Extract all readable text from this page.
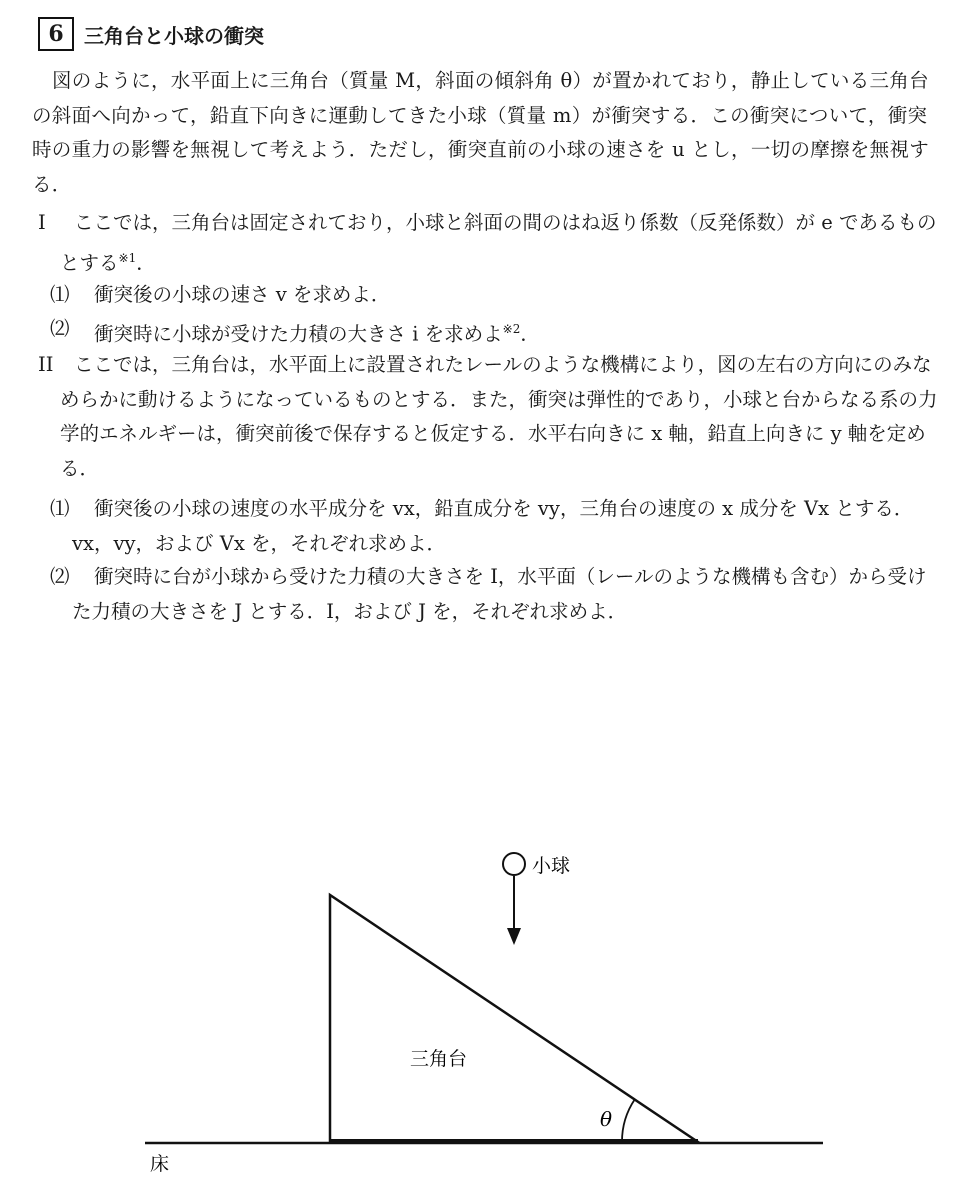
6	三角台と小球の衝突
図のように，水平面上に三角台（質量 M，斜面の傾斜角 θ）が置かれており，静止している三角台の斜面へ向かって，鉛直下向きに運動してきた小球（質量 m）が衝突する．この衝突について，衝突時の重力の影響を無視して考えよう．ただし，衝突直前の小球の速さを u とし，一切の摩擦を無視する．
I	ここでは，三角台は固定されており，小球と斜面の間のはね返り係数（反発係数）が e であるものとする$^{※1}$．
⑴ 衝突後の小球の速さ v を求めよ．
⑵ 衝突時に小球が受けた力積の大きさ i を求めよ$^{※2}$．
II	ここでは，三角台は，水平面上に設置されたレールのような機構により，図の左右の方向にのみなめらかに動けるようになっているものとする．また，衝突は弾性的であり，小球と台からなる系の力学的エネルギーは，衝突前後で保存すると仮定する．水平右向きに x 軸，鉛直上向きに y 軸を定める．
⑴	衝突後の小球の速度の水平成分を vx，鉛直成分を vy，三角台の速度の x 成分を Vx とする．vx，vy，および Vx を，それぞれ求めよ．
⑵	衝突時に台が小球から受けた力積の大きさを I，水平面（レールのような機構も含む）から受けた力積の大きさを J とする．I，および J を，それぞれ求めよ．
小球
三角台
θ
床
